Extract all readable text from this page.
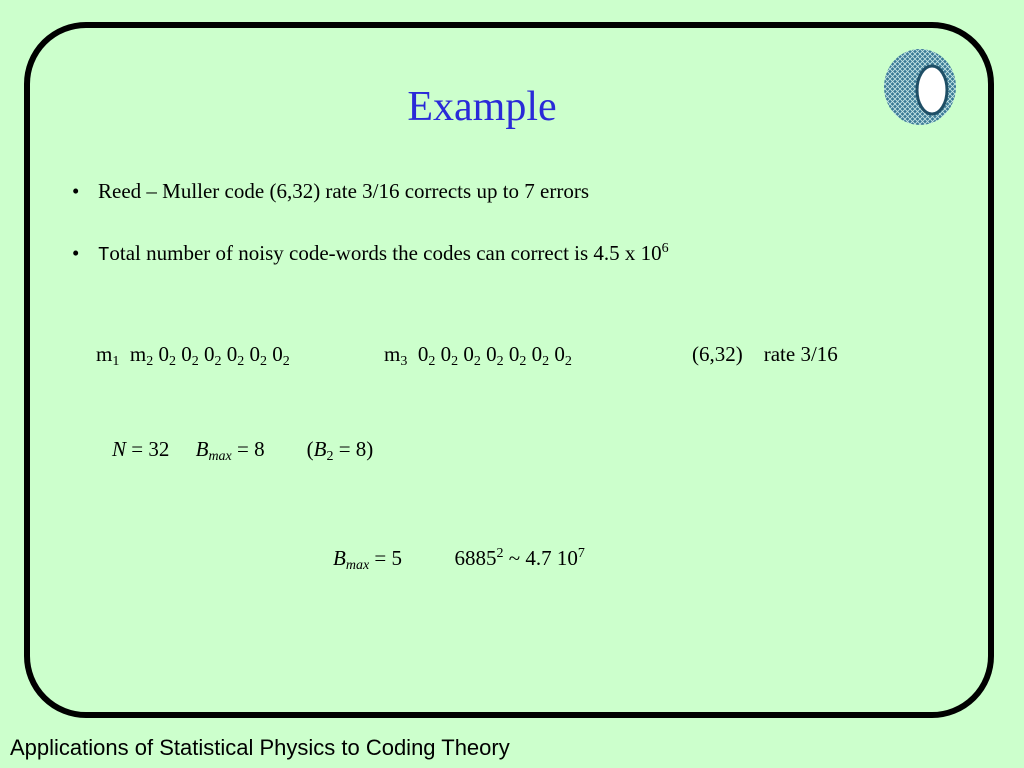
Example
• Reed – Muller code (6,32) rate 3/16 corrects up to 7 errors
• Total number of noisy code-words the codes can correct is 4.5 x $10^6$
$m_1$ $m_2$ $0_2$ $0_2$ $0_2$ $0_2$ $0_2$ $0_2$	$m_3$ $0_2$ $0_2$ $0_2$ $0_2$ $0_2$ $0_2$ $0_2$	(6,32)    rate 3/16
N = 32 $B_{max} = 8$ $(B_2 = 8)$
$B_{max} = 5$	6885$^2$ ~ 4.7 $10^7$
Applications of Statistical Physics to Coding Theory
